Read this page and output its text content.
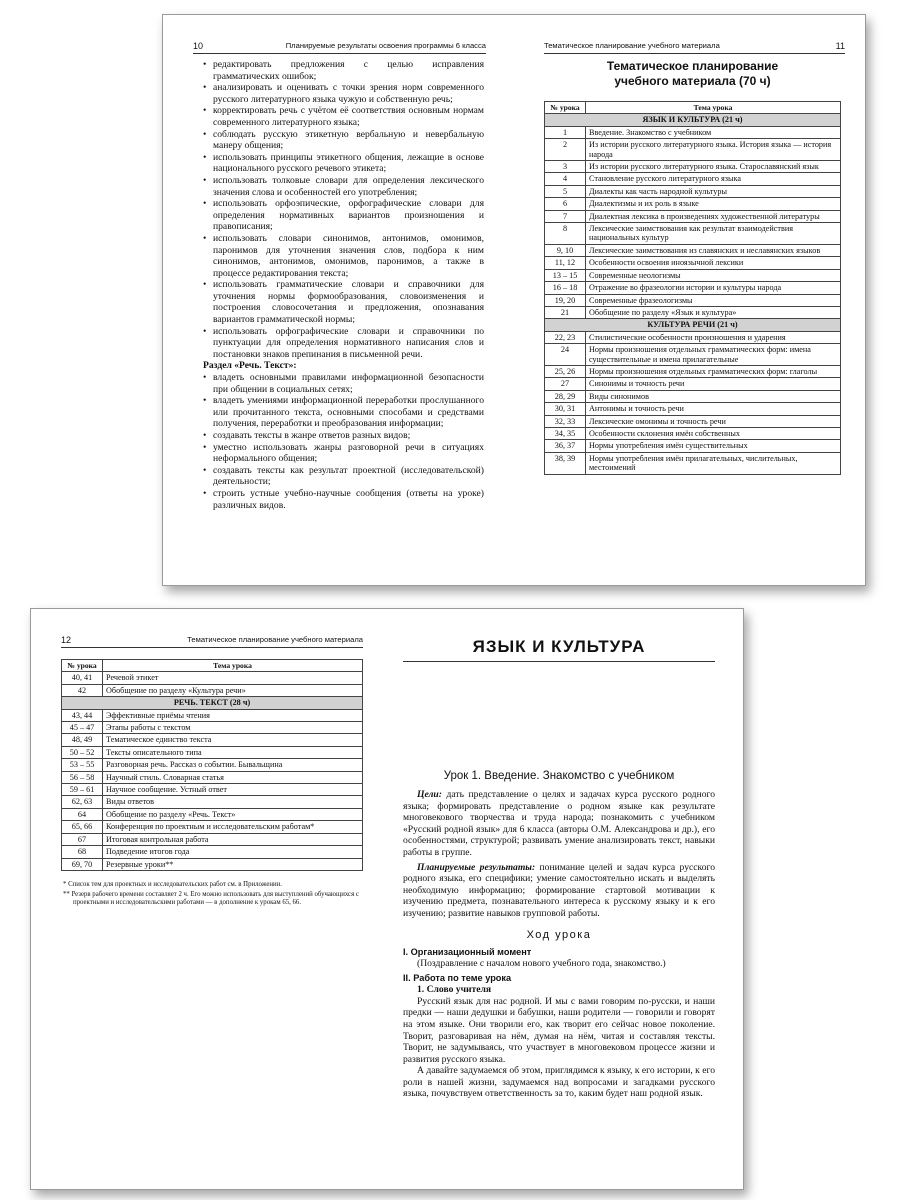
10	Планируемые результаты освоения программы 6 класса
• редактировать предложения с целью исправления грамматических ошибок;
• анализировать и оценивать с точки зрения норм современного русского литературного языка чужую и собственную речь;
• корректировать речь с учётом её соответствия основным нормам современного литературного языка;
• соблюдать русскую этикетную вербальную и невербальную манеру общения;
• использовать принципы этикетного общения, лежащие в основе национального русского речевого этикета;
• использовать толковые словари для определения лексического значения слова и особенностей его употребления;
• использовать орфоэпические, орфографические словари для определения нормативных вариантов произношения и правописания;
• использовать словари синонимов, антонимов, омонимов, паронимов для уточнения значения слов, подбора к ним синонимов, антонимов, омонимов, паронимов, а также в процессе редактирования текста;
• использовать грамматические словари и справочники для уточнения нормы формообразования, словоизменения и построения словосочетания и предложения, опознавания вариантов грамматической нормы;
• использовать орфографические словари и справочники по пунктуации для определения нормативного написания слов и постановки знаков препинания в письменной речи.
Раздел «Речь. Текст»:
• владеть основными правилами информационной безопасности при общении в социальных сетях;
• владеть умениями информационной переработки прослушанного или прочитанного текста, основными способами и средствами получения, переработки и преобразования информации;
• создавать тексты в жанре ответов разных видов;
• уместно использовать жанры разговорной речи в ситуациях неформального общения;
• создавать тексты как результат проектной (исследовательской) деятельности;
• строить устные учебно-научные сообщения (ответы на уроке) различных видов.
Тематическое планирование учебного материала	11
Тематическое планирование
учебного материала (70 ч)
№ урока	Тема урока
ЯЗЫК И КУЛЬТУРА (21 ч)	
1	Введение. Знакомство с учебником
2	Из истории русского литературного языка. История языка — история народа
3	Из истории русского литературного языка. Старославянский язык
4	Становление русского литературного языка
5	Диалекты как часть народной культуры
6	Диалектизмы и их роль в языке
7	Диалектная лексика в произведениях художественной литературы
8	Лексические заимствования как результат взаимодействия национальных культур
9, 10	Лексические заимствования из славянских и неславянских языков
11, 12	Особенности освоения иноязычной лексики
13 – 15	Современные неологизмы
16 – 18	Отражение во фразеологии истории и культуры народа
19, 20	Современные фразеологизмы
21	Обобщение по разделу «Язык и культура»
КУЛЬТУРА РЕЧИ (21 ч)	
22, 23	Стилистические особенности произношения и ударения
24	Нормы произношения отдельных грамматических форм: имена существительные и имена прилагательные
25, 26	Нормы произношения отдельных грамматических форм: глаголы
27	Синонимы и точность речи
28, 29	Виды синонимов
30, 31	Антонимы и точность речи
32, 33	Лексические омонимы и точность речи
34, 35	Особенности склонения имён собственных
36, 37	Нормы употребления имён существительных
38, 39	Нормы употребления имён прилагательных, числительных, местоимений
12	Тематическое планирование учебного материала
№ урока	Тема урока
40, 41	Речевой этикет
42	Обобщение по разделу «Культура речи»
РЕЧЬ. ТЕКСТ (28 ч)	
43, 44	Эффективные приёмы чтения
45 – 47	Этапы работы с текстом
48, 49	Тематическое единство текста
50 – 52	Тексты описательного типа
53 – 55	Разговорная речь. Рассказ о событии. Бывальщина
56 – 58	Научный стиль. Словарная статья
59 – 61	Научное сообщение. Устный ответ
62, 63	Виды ответов
64	Обобщение по разделу «Речь. Текст»
65, 66	Конференция по проектным и исследовательским работам*
67	Итоговая контрольная работа
68	Подведение итогов года
69, 70	Резервные уроки**

* Список тем для проектных и исследовательских работ см. в Приложении.

** Резерв рабочего времени составляет 2 ч. Его можно использовать для выступлений обучающихся с проектными и исследовательскими работами — в дополнение к урокам 65, 66.

ЯЗЫК И КУЛЬТУРА
Урок 1. Введение. Знакомство с учебником

Цели: дать представление о целях и задачах курса русского родного языка; формировать представление о родном языке как результате многовекового творчества и труда народа; познакомить с учебником «Русский родной язык» для 6 класса (авторы О.М. Александрова и др.), его особенностями, структурой; развивать умение анализировать текст, навыки работы в группе.

Планируемые результаты: понимание целей и задач курса русского родного языка, его специфики; умение самостоятельно искать и выделять необходимую информацию; формирование стартовой мотивации к изучению предмета, познавательного интереса к русскому языку и к его изучению; развитие навыков групповой работы.

Ход урока
I. Организационный момент

(Поздравление с началом нового учебного года, знакомство.)

II. Работа по теме урока
1. Слово учителя

Русский язык для нас родной. И мы с вами говорим по-русски, и наши предки — наши дедушки и бабушки, наши родители — говорили и говорят на этом языке. Они творили его, как творит его сейчас новое поколение. Творит, разговаривая на нём, думая на нём, читая и составляя тексты. Творит, не задумываясь, что участвует в многовековом процессе жизни и развития русского языка.

А давайте задумаемся об этом, приглядимся к языку, к его истории, к его роли в нашей жизни, задумаемся над вопросами и загадками русского языка, почувствуем ответственность за то, каким будет наш родной язык.
